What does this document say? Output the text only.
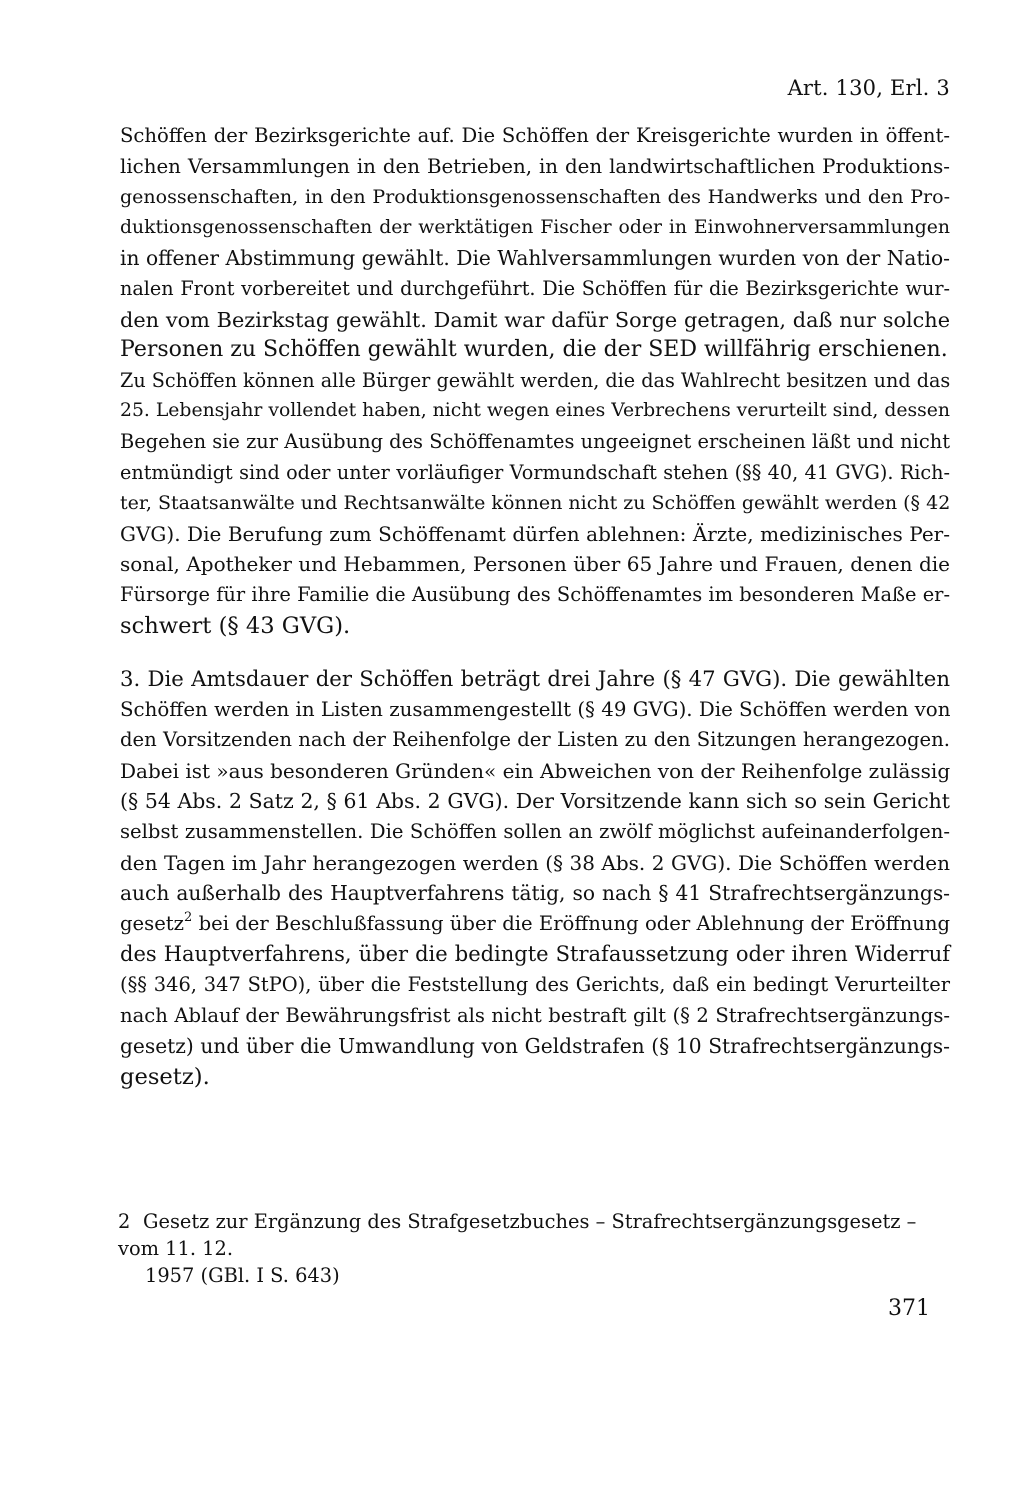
Art. 130, Erl. 3
Schöffen der Bezirksgerichte auf. Die Schöffen der Kreisgerichte wurden in öffent-
lichen Versammlungen in den Betrieben, in den landwirtschaftlichen Produktions-
genossenschaften, in den Produktionsgenossenschaften des Handwerks und den Pro-
duktionsgenossenschaften der werktätigen Fischer oder in Einwohnerversammlungen
in offener Abstimmung gewählt. Die Wahlversammlungen wurden von der Natio-
nalen Front vorbereitet und durchgeführt. Die Schöffen für die Bezirksgerichte wur-
den vom Bezirkstag gewählt. Damit war dafür Sorge getragen, daß nur solche
Personen zu Schöffen gewählt wurden, die der SED willfährig erschienen.
Zu Schöffen können alle Bürger gewählt werden, die das Wahlrecht besitzen und das
25. Lebensjahr vollendet haben, nicht wegen eines Verbrechens verurteilt sind, dessen
Begehen sie zur Ausübung des Schöffenamtes ungeeignet erscheinen läßt und nicht
entmündigt sind oder unter vorläufiger Vormundschaft stehen (§§ 40, 41 GVG). Rich-
ter, Staatsanwälte und Rechtsanwälte können nicht zu Schöffen gewählt werden (§ 42
GVG). Die Berufung zum Schöffenamt dürfen ablehnen: Ärzte, medizinisches Per-
sonal, Apotheker und Hebammen, Personen über 65 Jahre und Frauen, denen die
Fürsorge für ihre Familie die Ausübung des Schöffenamtes im besonderen Maße er-
schwert (§ 43 GVG).
3. Die Amtsdauer der Schöffen beträgt drei Jahre (§ 47 GVG). Die gewählten
Schöffen werden in Listen zusammengestellt (§ 49 GVG). Die Schöffen werden von
den Vorsitzenden nach der Reihenfolge der Listen zu den Sitzungen herangezogen.
Dabei ist »aus besonderen Gründen« ein Abweichen von der Reihenfolge zulässig
(§ 54 Abs. 2 Satz 2, § 61 Abs. 2 GVG). Der Vorsitzende kann sich so sein Gericht
selbst zusammenstellen. Die Schöffen sollen an zwölf möglichst aufeinanderfolgen-
den Tagen im Jahr herangezogen werden (§ 38 Abs. 2 GVG). Die Schöffen werden
auch außerhalb des Hauptverfahrens tätig, so nach § 41 Strafrechtsergänzungs-
gesetz$^2$ bei der Beschlußfassung über die Eröffnung oder Ablehnung der Eröffnung
des Hauptverfahrens, über die bedingte Strafaussetzung oder ihren Widerruf
(§§ 346, 347 StPO), über die Feststellung des Gerichts, daß ein bedingt Verurteilter
nach Ablauf der Bewährungsfrist als nicht bestraft gilt (§ 2 Strafrechtsergänzungs-
gesetz) und über die Umwandlung von Geldstrafen (§ 10 Strafrechtsergänzungs-
gesetz).
2 Gesetz zur Ergänzung des Strafgesetzbuches – Strafrechtsergänzungsgesetz – vom 11. 12.
1957 (GBl. I S. 643)
371
